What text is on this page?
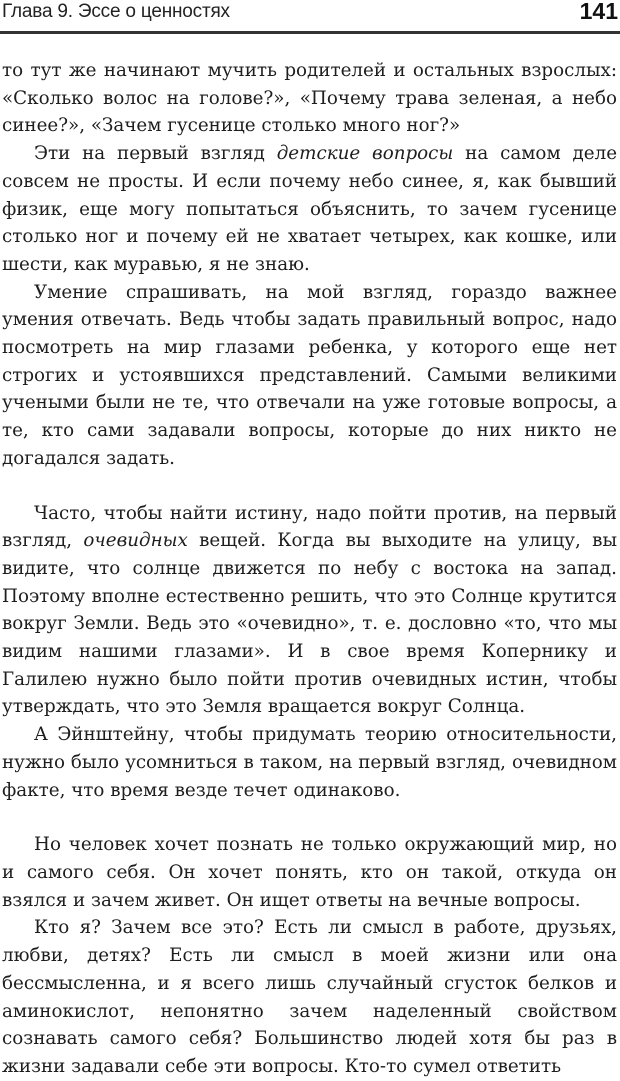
Глава 9. Эссе о ценностях	141

то тут же начинают мучить родителей и остальных взрослых: «Сколько волос на голове?», «Почему трава зеленая, а небо синее?», «Зачем гусенице столько много ног?»

Эти на первый взгляд детские вопросы на самом деле совсем не просты. И если почему небо синее, я, как бывший физик, еще могу попытаться объяснить, то зачем гусенице столько ног и почему ей не хватает четырех, как кошке, или шести, как муравью, я не знаю.

Умение спрашивать, на мой взгляд, гораздо важнее умения отвечать. Ведь чтобы задать правильный вопрос, надо посмотреть на мир глазами ребенка, у которого еще нет строгих и устоявшихся представлений. Самыми великими учеными были не те, что отвечали на уже готовые вопросы, а те, кто сами задавали вопросы, которые до них никто не догадался задать.

Часто, чтобы найти истину, надо пойти против, на первый взгляд, очевидных вещей. Когда вы выходите на улицу, вы видите, что солнце движется по небу с востока на запад. Поэтому вполне естественно решить, что это Солнце крутится вокруг Земли. Ведь это «очевидно», т. е. дословно «то, что мы видим нашими глазами». И в свое время Копернику и Галилею нужно было пойти против очевидных истин, чтобы утверждать, что это Земля вращается вокруг Солнца.

А Эйнштейну, чтобы придумать теорию относительности, нужно было усомниться в таком, на первый взгляд, очевидном факте, что время везде течет одинаково.

Но человек хочет познать не только окружающий мир, но и самого себя. Он хочет понять, кто он такой, откуда он взялся и зачем живет. Он ищет ответы на вечные вопросы.

Кто я? Зачем все это? Есть ли смысл в работе, друзьях, любви, детях? Есть ли смысл в моей жизни или она бессмысленна, и я всего лишь случайный сгусток белков и аминокислот, непонятно зачем наделенный свойством сознавать самого себя? Большинство людей хотя бы раз в жизни задавали себе эти вопросы. Кто-то сумел ответить
